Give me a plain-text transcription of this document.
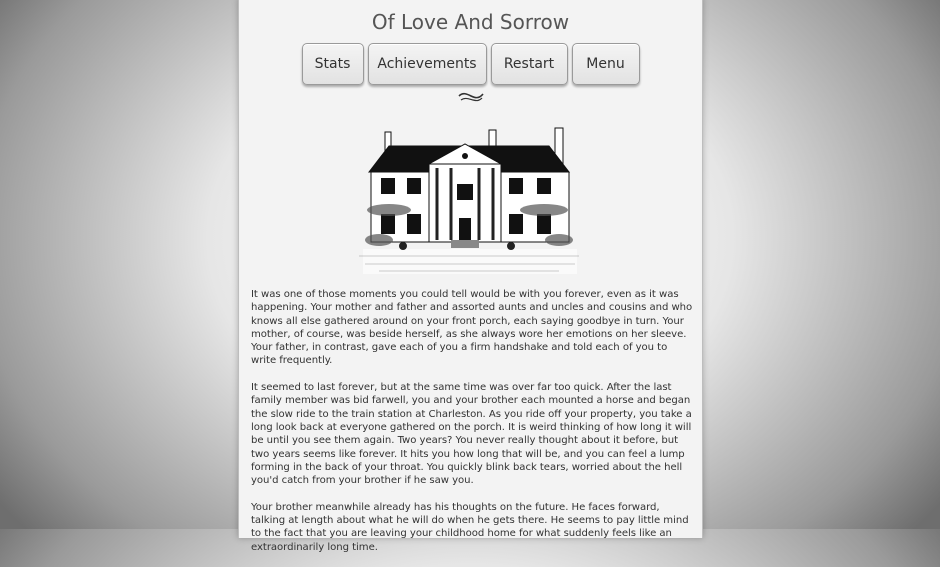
Of Love And Sorrow
Stats	Achievements	Restart	Menu

It was one of those moments you could tell would be with you forever, even as it was happening. Your mother and father and assorted aunts and uncles and cousins and who knows all else gathered around on your front porch, each saying goodbye in turn. Your mother, of course, was beside herself, as she always wore her emotions on her sleeve. Your father, in contrast, gave each of you a firm handshake and told each of you to write frequently.

It seemed to last forever, but at the same time was over far too quick. After the last family member was bid farwell, you and your brother each mounted a horse and began the slow ride to the train station at Charleston. As you ride off your property, you take a long look back at everyone gathered on the porch. It is weird thinking of how long it will be until you see them again. Two years? You never really thought about it before, but two years seems like forever. It hits you how long that will be, and you can feel a lump forming in the back of your throat. You quickly blink back tears, worried about the hell you'd catch from your brother if he saw you.

Your brother meanwhile already has his thoughts on the future. He faces forward, talking at length about what he will do when he gets there. He seems to pay little mind to the fact that you are leaving your childhood home for what suddenly feels like an extraordinarily long time.
